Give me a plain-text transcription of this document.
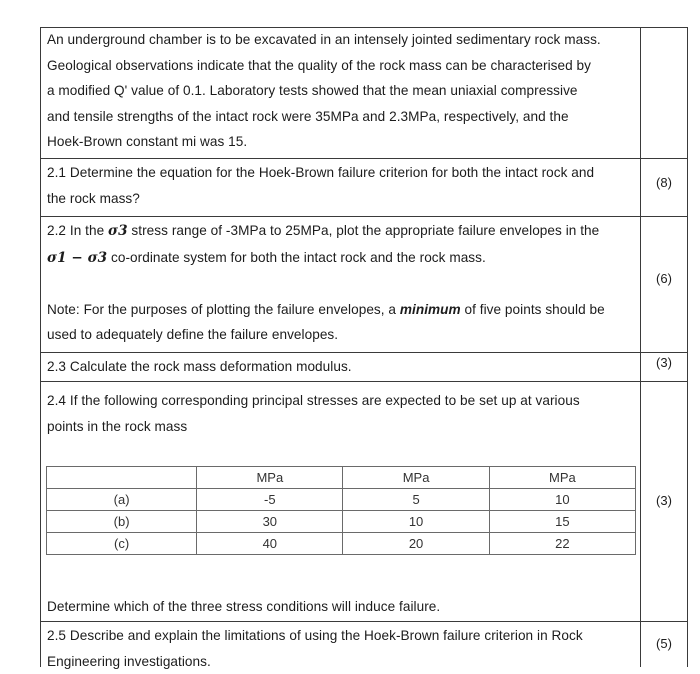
An underground chamber is to be excavated in an intensely jointed sedimentary rock mass.
Geological observations indicate that the quality of the rock mass can be characterised by
a modified Q' value of 0.1. Laboratory tests showed that the mean uniaxial compressive
and tensile strengths of the intact rock were 35MPa and 2.3MPa, respectively, and the
Hoek-Brown constant mi was 15.
2.1 Determine the equation for the Hoek-Brown failure criterion for both the intact rock and
the rock mass?
(8)
2.2 In the σ3 stress range of -3MPa to 25MPa, plot the appropriate failure envelopes in the
σ1 − σ3 co-ordinate system for both the intact rock and the rock mass.

Note: For the purposes of plotting the failure envelopes, a minimum of five points should be
used to adequately define the failure envelopes.
(6)
2.3 Calculate the rock mass deformation modulus.	(3)
2.4 If the following corresponding principal stresses are expected to be set up at various
points in the rock mass
	MPa	MPa	MPa
(a)	-5	5	10
(b)	30	10	15
(c)	40	20	22
Determine which of the three stress conditions will induce failure.
(3)
2.5 Describe and explain the limitations of using the Hoek-Brown failure criterion in Rock
Engineering investigations.
(5)
